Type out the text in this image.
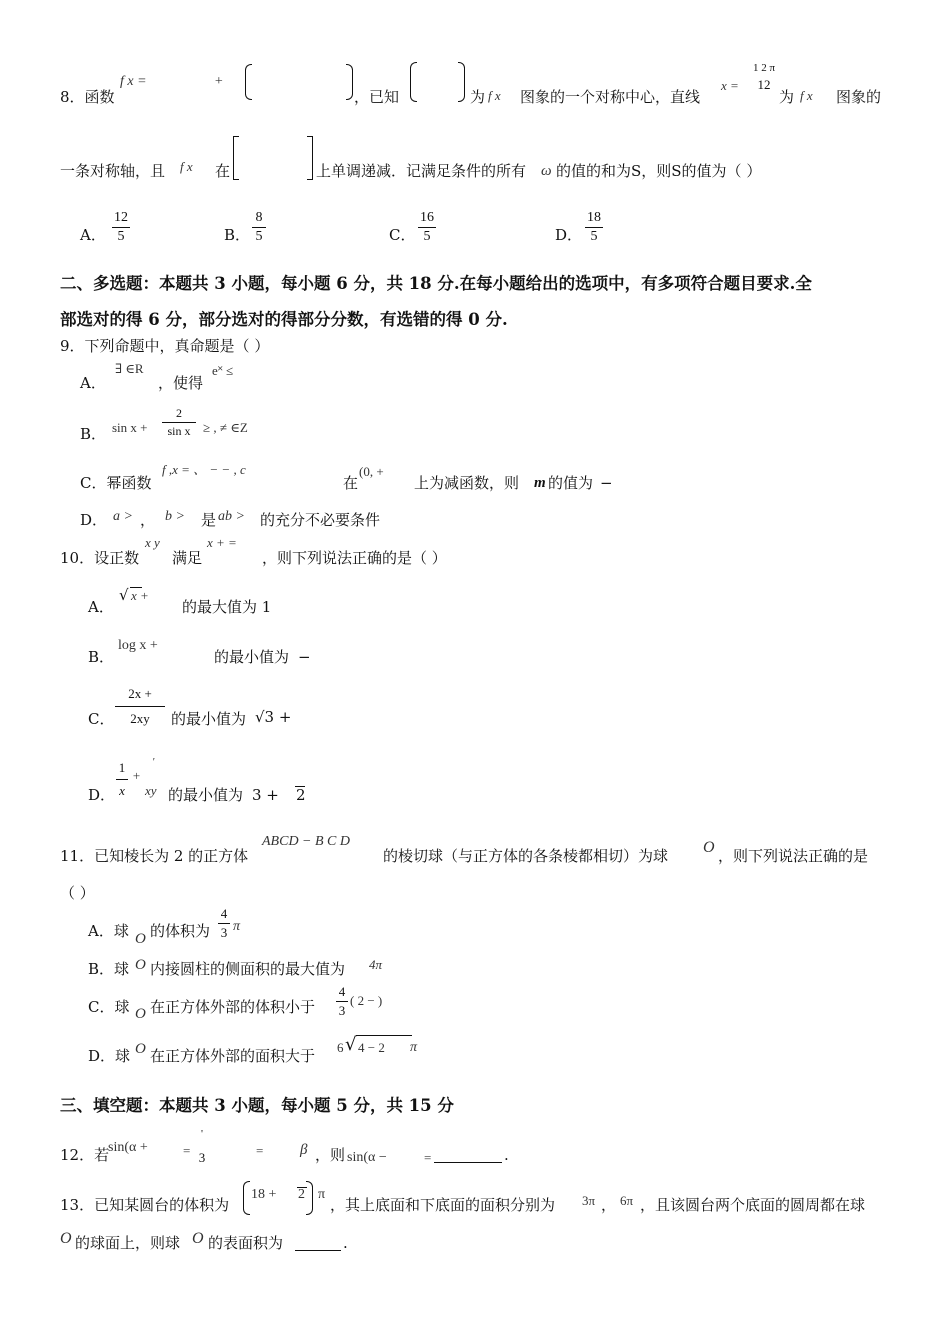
8．函数
f x =	+
，已知	为 f x 图象的一个对称中心，直线
x =
1 2 π
12
为 f x 图象的
一条对称轴，且 f x 在	上单调递减．记满足条件的所有 ω 的值的和为S，则S的值为（ ）
A．
12
5	B．
8
5	C．
16
5	D．
18
5
二、多选题：本题共 3 小题，每小题 6 分，共 18 分.在每小题给出的选项中，有多项符合题目要求.全
部选对的得 6 分，部分选对的得部分分数，有选错的得 0 分.
9．下列命题中，真命题是（ ）
A．
∃ ∈R
，使得
e˟ ≤
B． sin x +
2
sin x ≥ , ≠ ∈Z
C．幂函数
f ,x = 、 − − , c
在
(0, +
上为减函数，则 m 的值为 −
D． a > ， b > 是 ab > 的充分不必要条件
10．设正数
x y
满足
x + =
，则下列说法正确的是（ ）
A．
√ x +
的最大值为 1
B．
log x +
的最小值为 −
C．
2x +
2xy	的最小值为 √3 +
D．
1
x
+
'
xy 的最小值为 3 + 2
11．已知棱长为 2 的正方体
ABCD − B C D
的棱切球（与正方体的各条棱都相切）为球 O ，则下列说法正确的是
（ ）
A．球 O 的体积为
4
3 π
B．球 O 内接圆柱的侧面积的最大值为 4π
C．球 O 在正方体外部的体积小于
4
3
( 2 − )
D．球 O 在正方体外部的面积大于 6 √ 4 − 2 π
三、填空题：本题共 3 小题，每小题 5 分，共 15 分
12．若
sin(α +	=
'
3	= β ，则 sin(α −	=	.
13．已知某圆台的体积为
18 + 2 π
，其上底面和下底面的面积分别为 3π ， 6π ，且该圆台两个底面的圆周都在球
O 的球面上，则球 O 的表面积为	.
